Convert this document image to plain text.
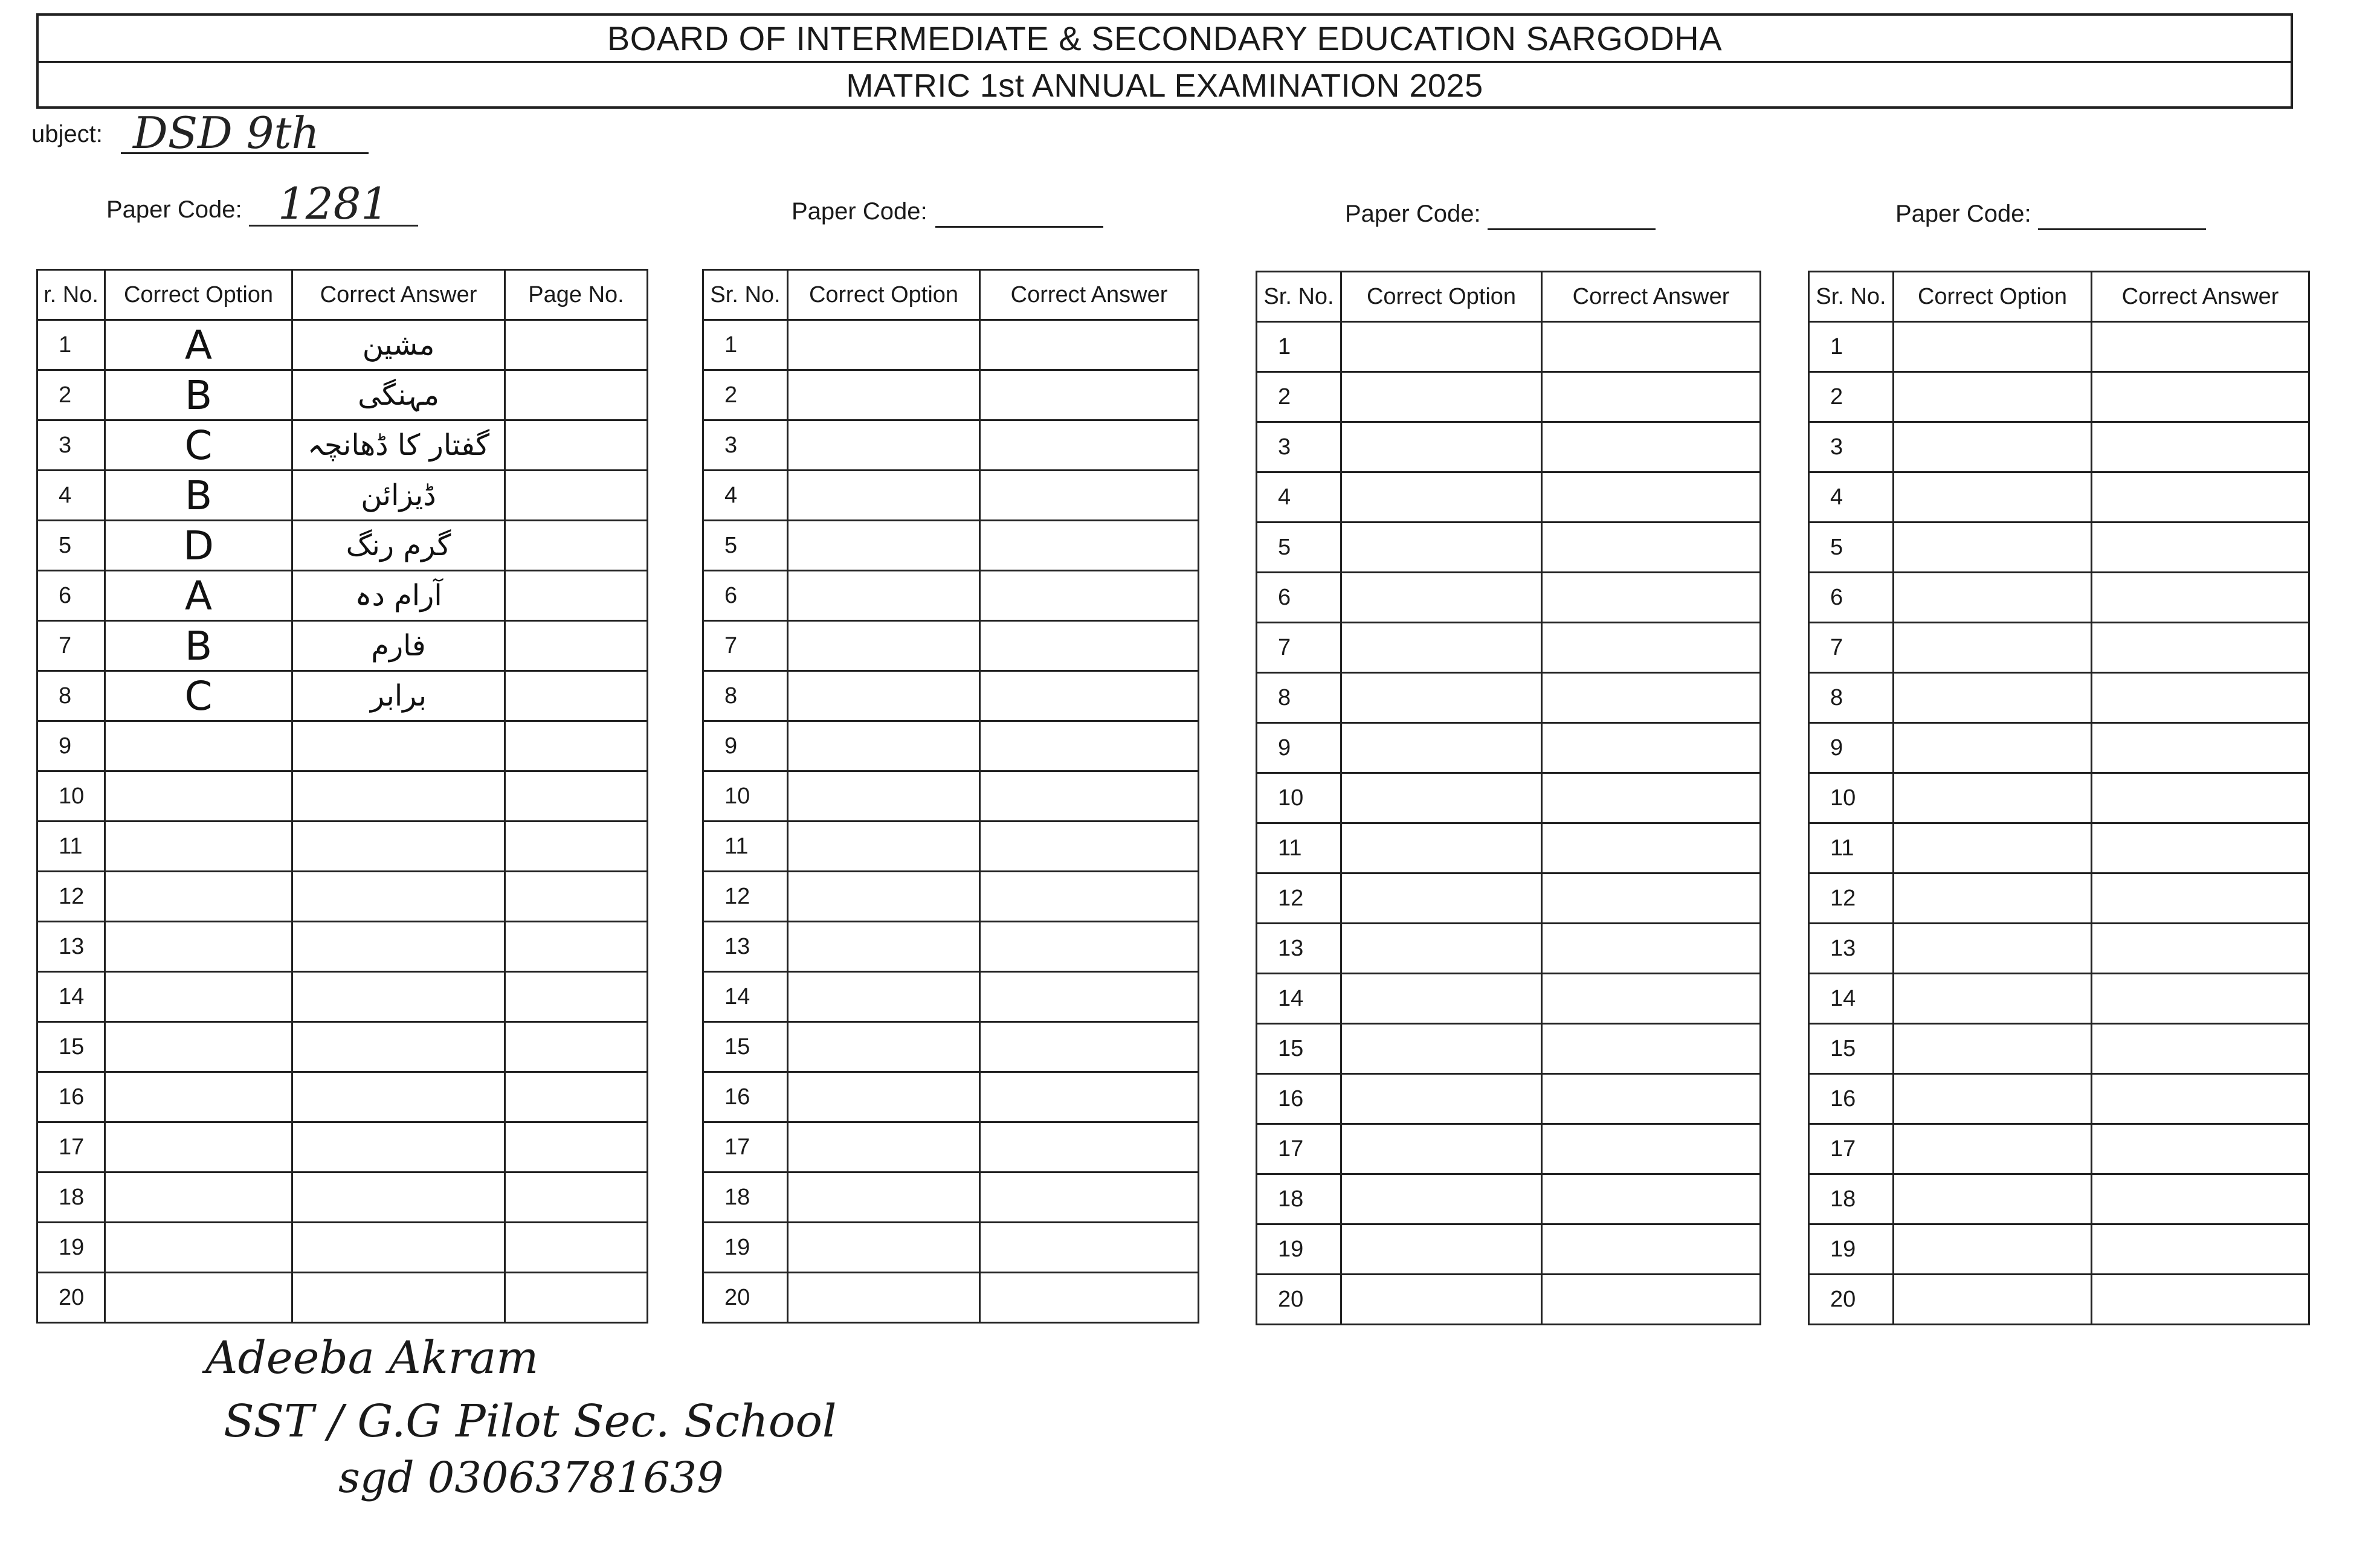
BOARD OF INTERMEDIATE & SECONDARY EDUCATION SARGODHA
MATRIC 1st ANNUAL EXAMINATION 2025
ubject: DSD 9th
Paper Code: 1281	Paper Code:	Paper Code:	Paper Code:
r. No.	Correct Option	Correct Answer	Page No.
1	A	مشین	
2	B	مہنگی	
3	C	گفتار کا ڈھانچہ	
4	B	ڈیزائن	
5	D	گرم رنگ	
6	A	آرام دہ	
7	B	فارم	
8	C	برابر	
9			
10			
11			
12			
13			
14			
15			
16			
17			
18			
19			
20			
Sr. No.	Correct Option	Correct Answer
1		
2		
3		
4		
5		
6		
7		
8		
9		
10		
11		
12		
13		
14		
15		
16		
17		
18		
19		
20		
Sr. No.	Correct Option	Correct Answer
1		
2		
3		
4		
5		
6		
7		
8		
9		
10		
11		
12		
13		
14		
15		
16		
17		
18		
19		
20		
Sr. No.	Correct Option	Correct Answer
1		
2		
3		
4		
5		
6		
7		
8		
9		
10		
11		
12		
13		
14		
15		
16		
17		
18		
19		
20		
Adeeba Akram
SST / G.G Pilot Sec. School
sgd 03063781639
